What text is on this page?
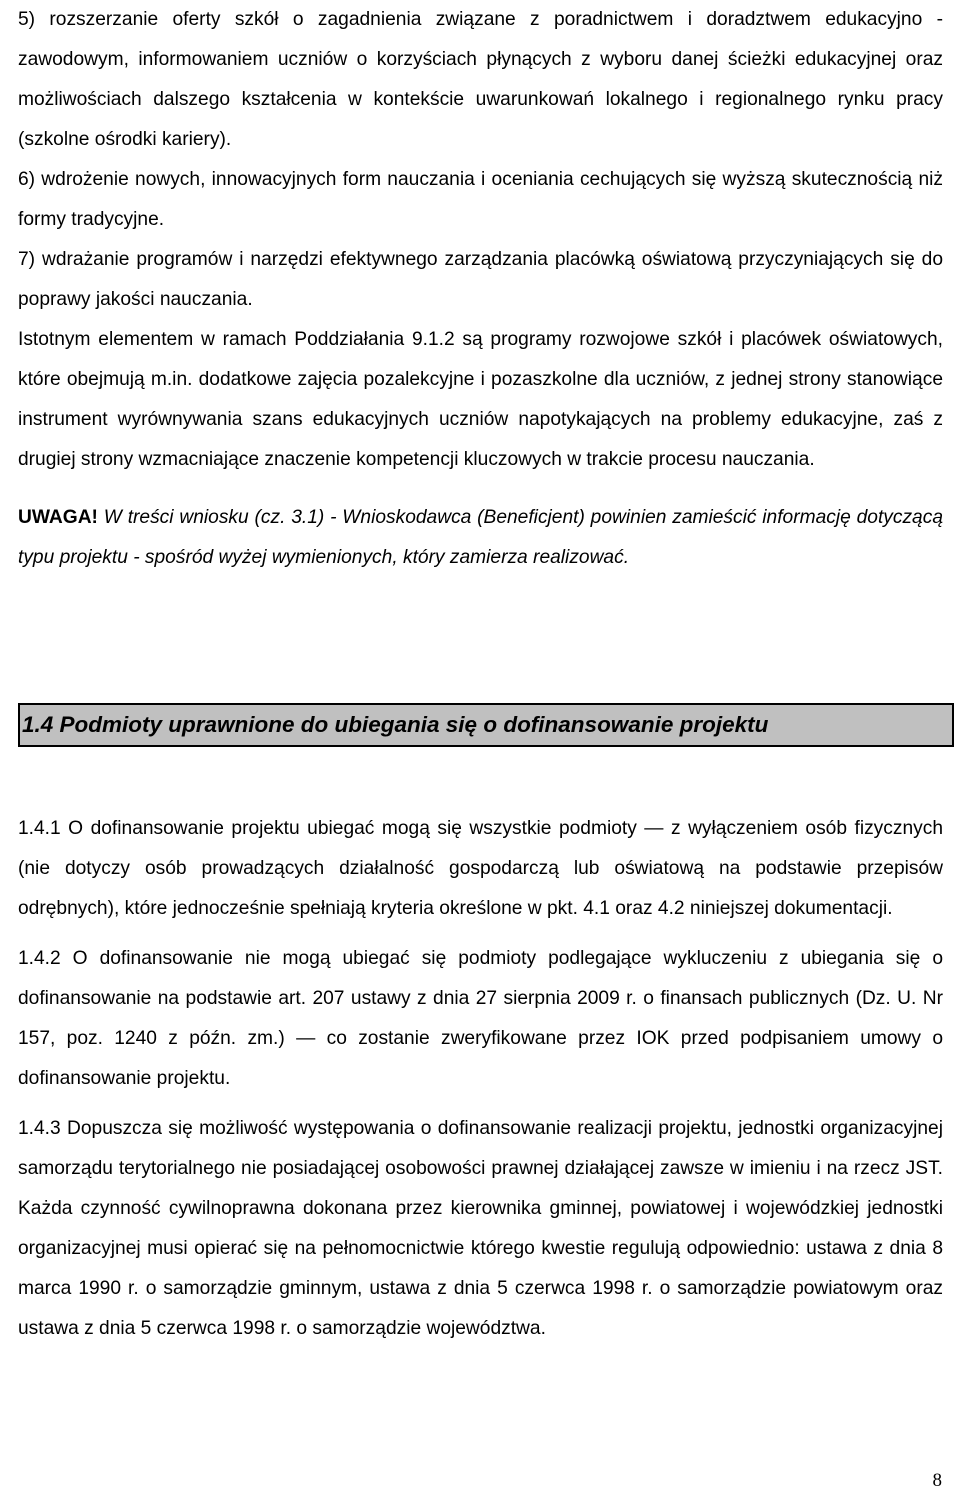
5) rozszerzanie oferty szkół o zagadnienia związane z poradnictwem i doradztwem edukacyjno - zawodowym, informowaniem uczniów o korzyściach płynących z wyboru danej ścieżki edukacyjnej oraz możliwościach dalszego kształcenia w kontekście uwarunkowań lokalnego i regionalnego rynku pracy (szkolne ośrodki kariery).

6) wdrożenie nowych, innowacyjnych form nauczania i oceniania cechujących się wyższą skutecznością niż formy tradycyjne.

7) wdrażanie programów i narzędzi efektywnego zarządzania placówką oświatową przyczyniających się do poprawy jakości nauczania.

Istotnym elementem w ramach Poddziałania 9.1.2 są programy rozwojowe szkół i placówek oświatowych, które obejmują m.in. dodatkowe zajęcia pozalekcyjne i pozaszkolne dla uczniów, z jednej strony stanowiące instrument wyrównywania szans edukacyjnych uczniów napotykających na problemy edukacyjne, zaś z drugiej strony wzmacniające znaczenie kompetencji kluczowych w trakcie procesu nauczania.

UWAGA! W treści wniosku (cz. 3.1) - Wnioskodawca (Beneficjent) powinien zamieścić informację dotyczącą typu projektu - spośród wyżej wymienionych, który zamierza realizować.
1.4 Podmioty uprawnione do ubiegania się o dofinansowanie projektu

1.4.1 O dofinansowanie projektu ubiegać mogą się wszystkie podmioty — z wyłączeniem osób fizycznych (nie dotyczy osób prowadzących działalność gospodarczą lub oświatową na podstawie przepisów odrębnych), które jednocześnie spełniają kryteria określone w pkt. 4.1 oraz 4.2 niniejszej dokumentacji.

1.4.2 O dofinansowanie nie mogą ubiegać się podmioty podlegające wykluczeniu z ubiegania się o dofinansowanie na podstawie art. 207 ustawy z dnia 27 sierpnia 2009 r. o finansach publicznych (Dz. U. Nr 157, poz. 1240 z późn. zm.) — co zostanie zweryfikowane przez IOK przed podpisaniem umowy o dofinansowanie projektu.

1.4.3 Dopuszcza się możliwość występowania o dofinansowanie realizacji projektu, jednostki organizacyjnej samorządu terytorialnego nie posiadającej osobowości prawnej działającej zawsze w imieniu i na rzecz JST. Każda czynność cywilnoprawna dokonana przez kierownika gminnej, powiatowej i wojewódzkiej jednostki organizacyjnej musi opierać się na pełnomocnictwie którego kwestie regulują odpowiednio: ustawa z dnia 8 marca 1990 r. o samorządzie gminnym, ustawa z dnia 5 czerwca 1998 r. o samorządzie powiatowym oraz ustawa z dnia 5 czerwca 1998 r. o samorządzie województwa.

8
